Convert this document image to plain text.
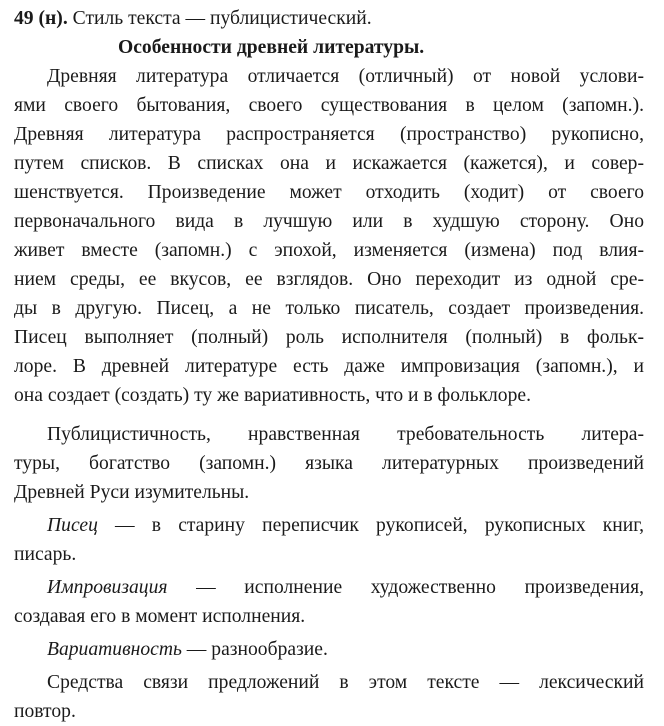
49 (н). Стиль текста — публицистический.
Особенности древней литературы.
Древняя литература отличается (отличный) от новой услови-
ями своего бытования, своего существования в целом (запомн.).
Древняя литература распространяется (пространство) рукописно,
путем списков. В списках она и искажается (кажется), и совер-
шенствуется. Произведение может отходить (ходит) от своего
первоначального вида в лучшую или в худшую сторону. Оно
живет вместе (запомн.) с эпохой, изменяется (измена) под влия-
нием среды, ее вкусов, ее взглядов. Оно переходит из одной сре-
ды в другую. Писец, а не только писатель, создает произведения.
Писец выполняет (полный) роль исполнителя (полный) в фольк-
лоре. В древней литературе есть даже импровизация (запомн.), и
она создает (создать) ту же вариативность, что и в фольклоре.
Публицистичность, нравственная требовательность литера-
туры, богатство (запомн.) языка литературных произведений
Древней Руси изумительны.
Писец — в старину переписчик рукописей, рукописных книг,
писарь.
Импровизация — исполнение художественно произведения,
создавая его в момент исполнения.
Вариативность — разнообразие.
Средства связи предложений в этом тексте — лексический
повтор.
